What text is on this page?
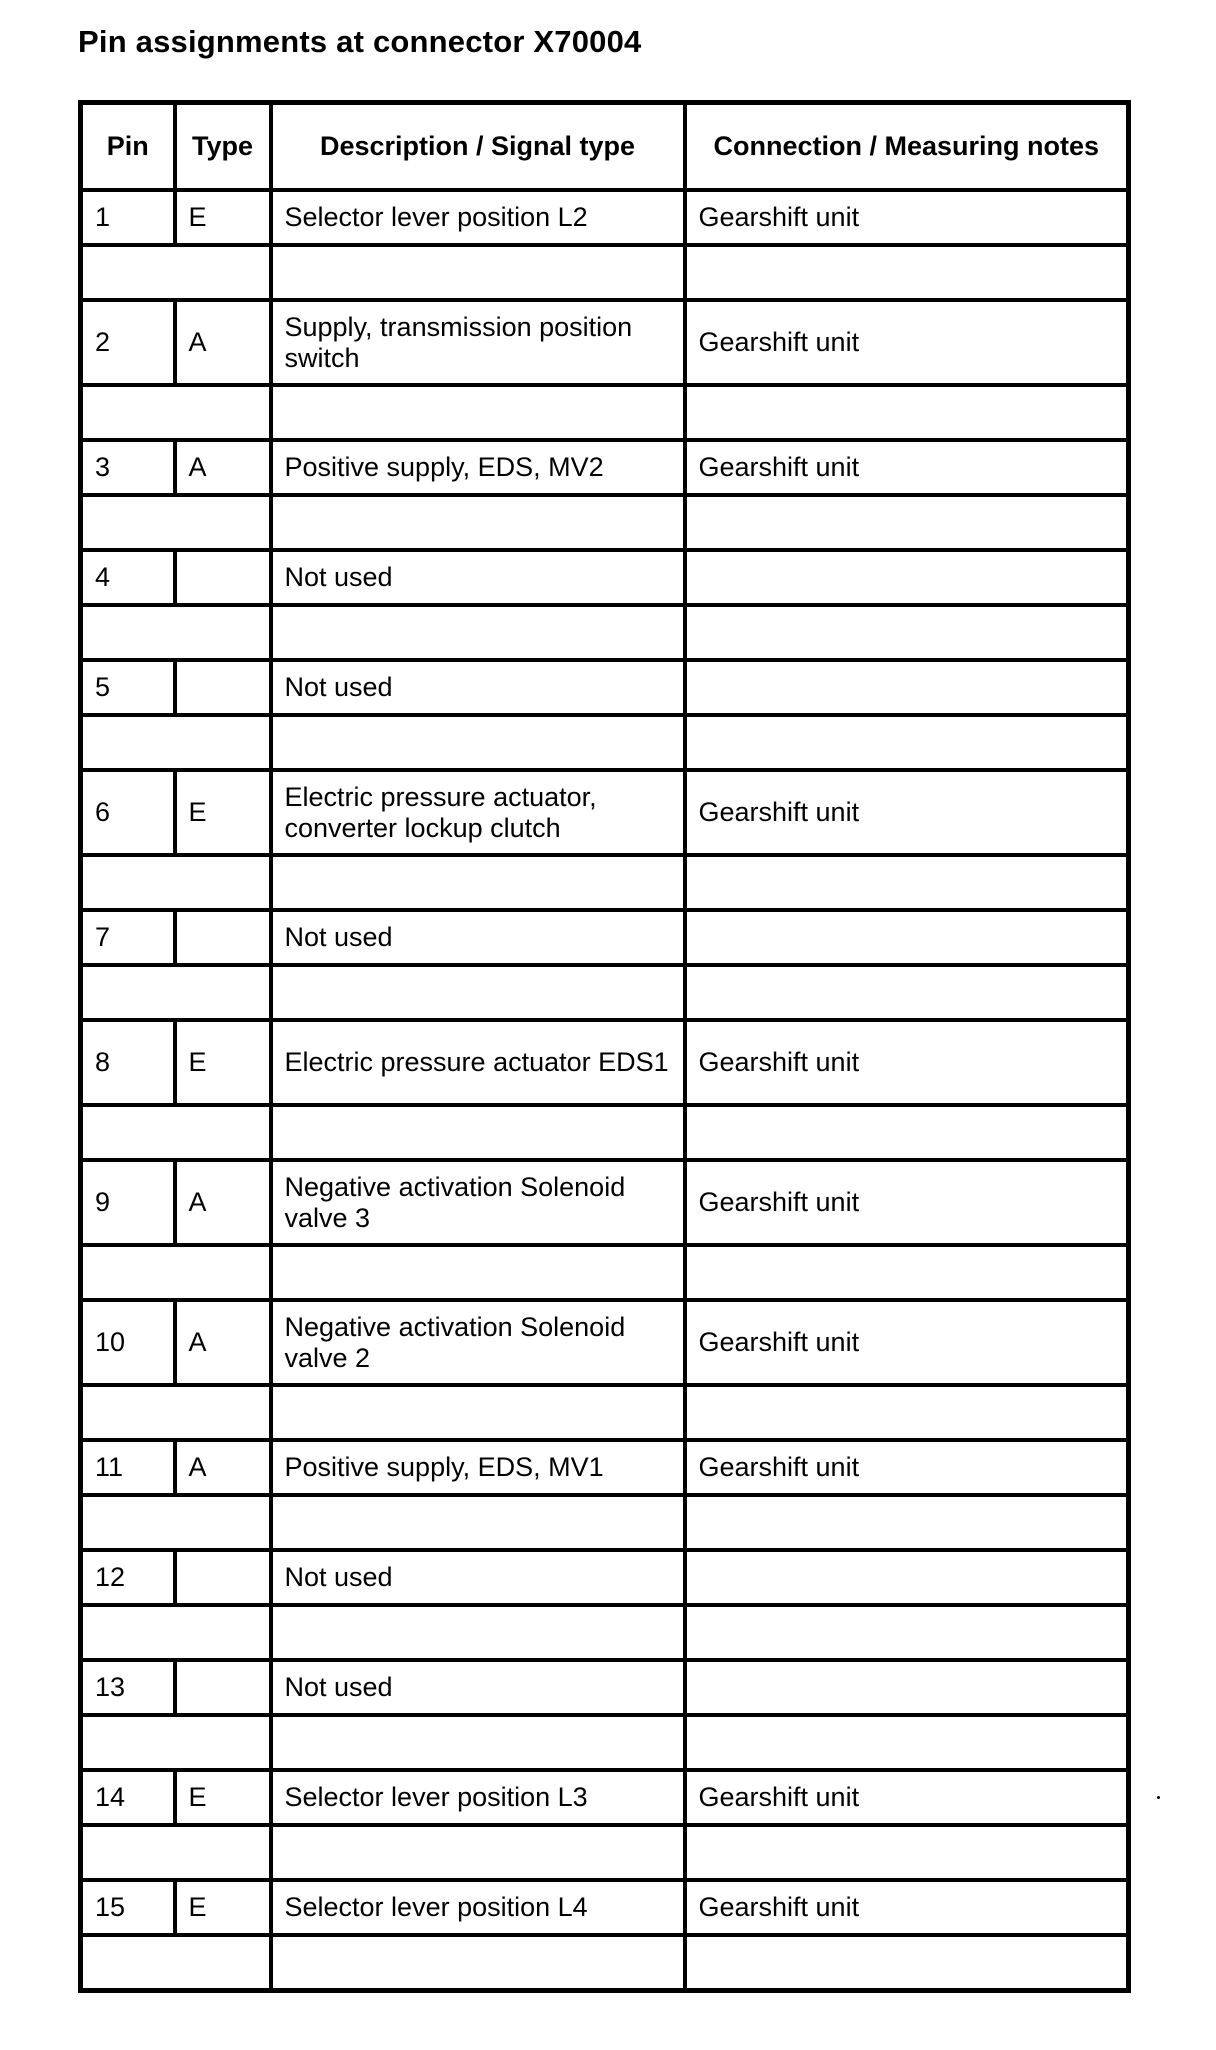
Pin assignments at connector X70004
Pin	Type	Description / Signal type	Connection / Measuring notes
1	E	Selector lever position L2	Gearshift unit

2	A	Supply, transmission position switch	Gearshift unit

3	A	Positive supply, EDS, MV2	Gearshift unit

4		Not used	

5		Not used	

6	E	Electric pressure actuator, converter lockup clutch	Gearshift unit

7		Not used	

8	E	Electric pressure actuator EDS1	Gearshift unit

9	A	Negative activation Solenoid valve 3	Gearshift unit

10	A	Negative activation Solenoid valve 2	Gearshift unit

11	A	Positive supply, EDS, MV1	Gearshift unit

12		Not used	

13		Not used	

14	E	Selector lever position L3	Gearshift unit

15	E	Selector lever position L4	Gearshift unit
